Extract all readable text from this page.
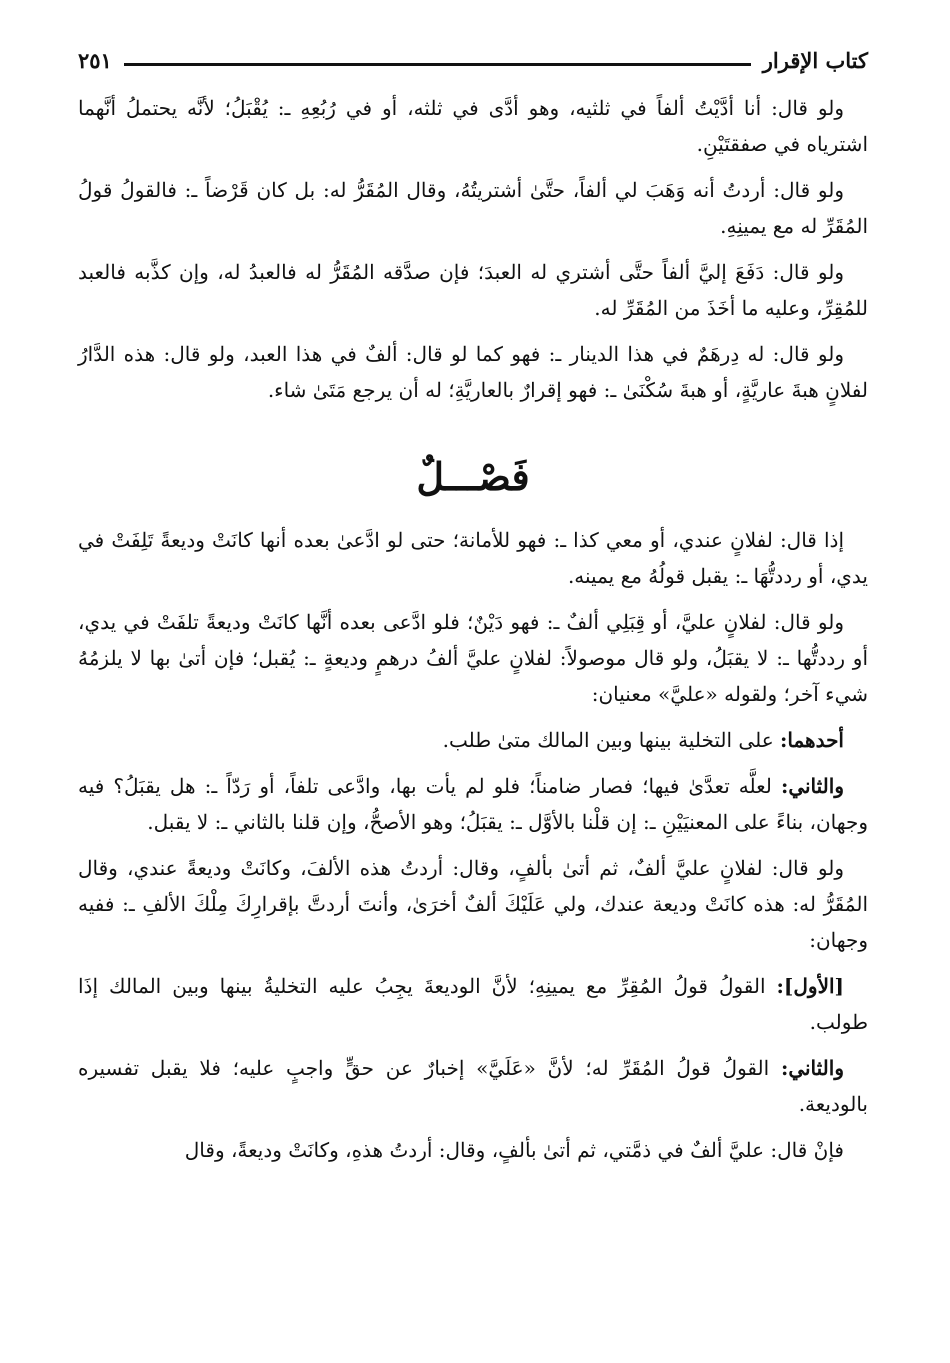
كتاب الإقرار
٢٥١

ولو قال: أنا أدَّيْتُ ألفاً في ثلثيه، وهو أدَّى في ثلثه، أو في رُبُعِهِ ـ: يُقْبَلُ؛ لأنَّه يحتملُ أنَّهما اشترياه في صفقتَيْنِ.

ولو قال: أردتُ أنه وَهَبَ لي ألفاً، حتَّىٰ أشتريتُهُ، وقال المُقَرُّ له: بل كان قَرْضاً ـ: فالقولُ قولُ المُقَرِّ له مع يمينِهِ.

ولو قال: دَفَعَ إليَّ ألفاً حتَّى أشتري له العبدَ؛ فإن صدَّقه المُقَرُّ له فالعبدُ له، وإن كذَّبه فالعبد للمُقِرِّ، وعليه ما أخَذَ من المُقَرِّ له.

ولو قال: له دِرهَمٌ في هذا الدينار ـ: فهو كما لو قال: ألفٌ في هذا العبد، ولو قال: هذه الدَّارُ لفلانٍ هبةَ عاريَّةٍ، أو هبةَ سُكْنَىٰ ـ: فهو إقرارٌ بالعاريَّةِ؛ له أن يرجع مَتَىٰ شاء.

فَصْـــلٌ

إذا قال: لفلانٍ عندي، أو معي كذا ـ: فهو للأمانة؛ حتى لو ادَّعىٰ بعده أنها كانَتْ وديعةً تَلِفَتْ في يدي، أو رددتُّهَا ـ: يقبل قولُهُ مع يمينه.

ولو قال: لفلانٍ عليَّ، أو قِبَلِي ألفٌ ـ: فهو دَيْنٌ؛ فلو ادَّعى بعده أنَّها كانَتْ وديعةً تلفَتْ في يدي، أو رددتُّها ـ: لا يقبَلُ، ولو قال موصولاً: لفلانٍ عليَّ ألفُ درهمٍ وديعةٍ ـ: يُقبل؛ فإن أتىٰ بها لا يلزمُهُ شيء آخر؛ ولقوله «عليَّ» معنيان:

أحدهما: على التخلية بينها وبين المالك متىٰ طلب.

والثاني: لعلَّه تعدَّىٰ فيها؛ فصار ضامناً؛ فلو لم يأت بها، وادَّعى تلفاً، أو رَدّاً ـ: هل يقبَلُ؟ فيه وجهان، بناءً على المعنيَيْنِ ـ: إن قلْنا بالأوَّل ـ: يقبَلُ؛ وهو الأصحُّ، وإن قلنا بالثاني ـ: لا يقبل.

ولو قال: لفلانٍ عليَّ ألفٌ، ثم أتىٰ بألفٍ، وقال: أردتُ هذه الألفَ، وكانَتْ وديعةً عندي، وقال المُقَرُّ له: هذه كانَتْ وديعة عندك، ولي عَلَيْكَ ألفٌ أخرَىٰ، وأنتَ أردتَّ بإقرارِكَ مِلْكَ الألفِ ـ: ففيه وجهان:

[الأول]: القولُ قولُ المُقِرِّ مع يمينِهِ؛ لأنَّ الوديعةَ يجِبُ عليه التخليةُ بينها وبين المالك إذَا طولب.

والثاني: القولُ قولُ المُقَرِّ له؛ لأنَّ «عَلَيَّ» إخبارٌ عن حقٍّ واجبٍ عليه؛ فلا يقبل تفسيره بالوديعة.

فإنْ قال: عليَّ ألفٌ في ذمَّتي، ثم أتىٰ بألفٍ، وقال: أردتُ هذهِ، وكانَتْ وديعةً، وقال
